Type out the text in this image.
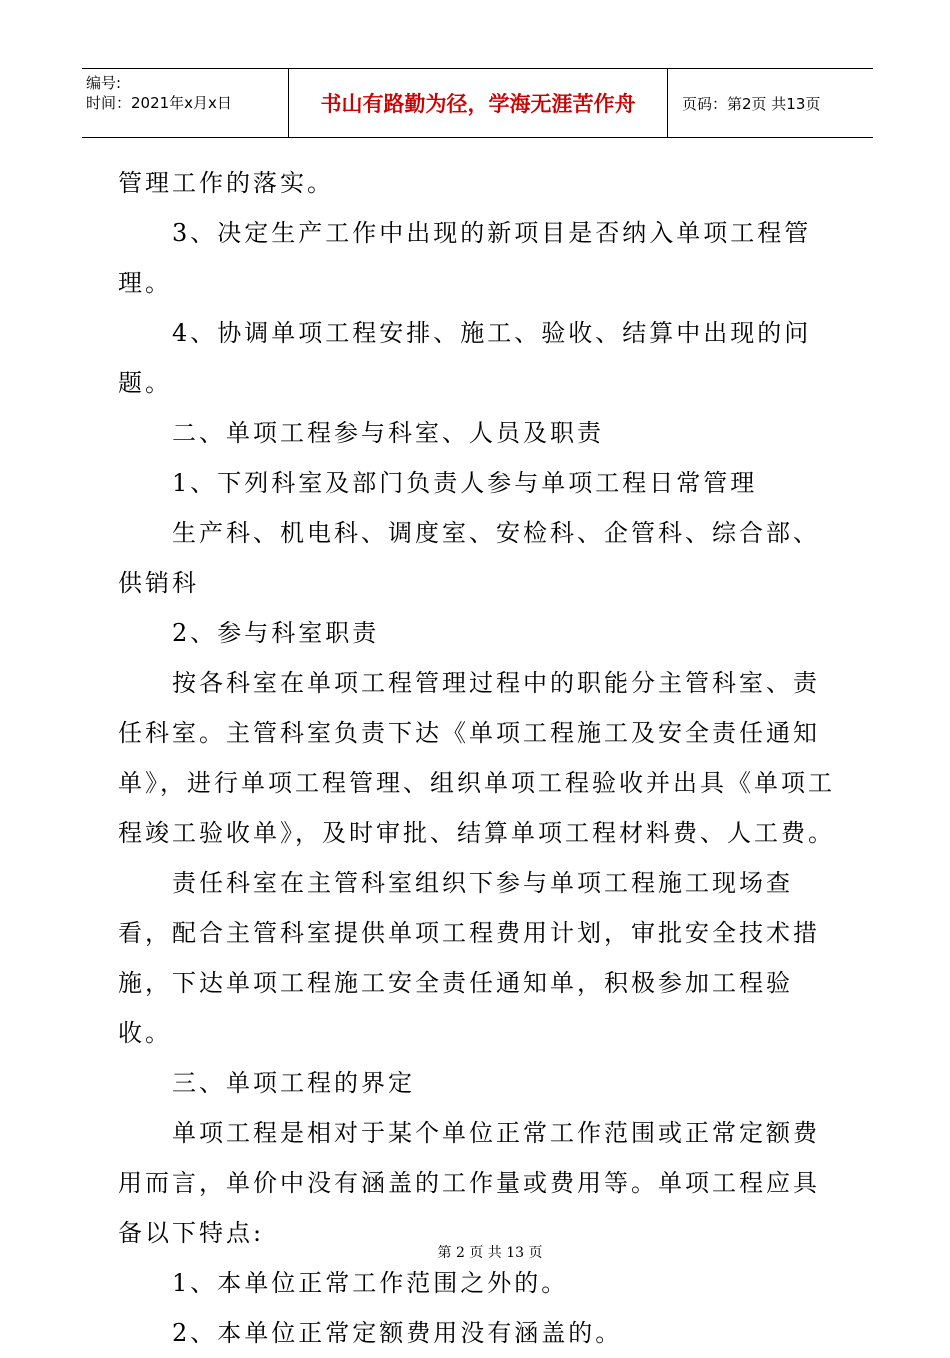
编号:
时间：2021年x月x日	书山有路勤为径，学海无涯苦作舟	页码：第2页 共13页

管理工作的落实。

3、决定生产工作中出现的新项目是否纳入单项工程管理。

4、协调单项工程安排、施工、验收、结算中出现的问题。

二、单项工程参与科室、人员及职责

1、下列科室及部门负责人参与单项工程日常管理

生产科、机电科、调度室、安检科、企管科、综合部、供销科

2、参与科室职责

按各科室在单项工程管理过程中的职能分主管科室、责任科室。主管科室负责下达《单项工程施工及安全责任通知单》，进行单项工程管理、组织单项工程验收并出具《单项工程竣工验收单》，及时审批、结算单项工程材料费、人工费。

责任科室在主管科室组织下参与单项工程施工现场查看，配合主管科室提供单项工程费用计划，审批安全技术措施，下达单项工程施工安全责任通知单，积极参加工程验收。

三、单项工程的界定

单项工程是相对于某个单位正常工作范围或正常定额费用而言，单价中没有涵盖的工作量或费用等。单项工程应具备以下特点:

1、本单位正常工作范围之外的。

2、本单位正常定额费用没有涵盖的。

第 2 页 共 13 页
